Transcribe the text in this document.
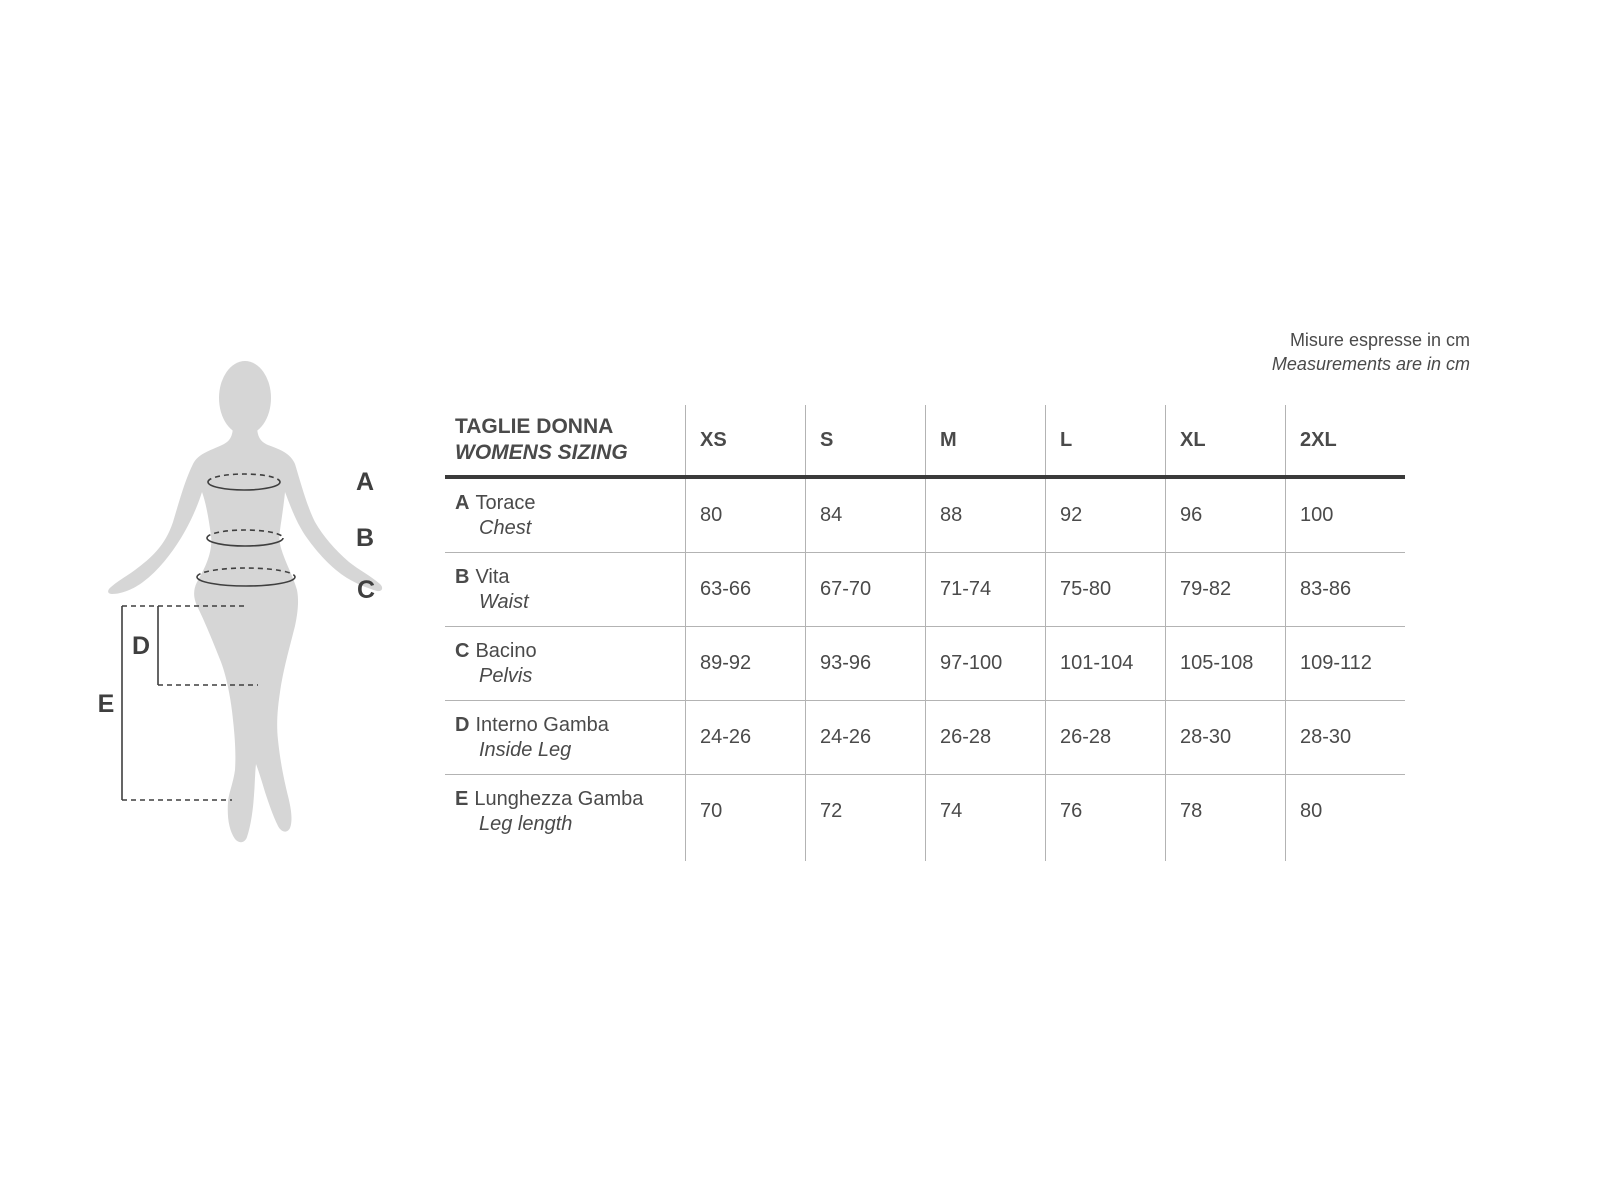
Misure espresse in cm
Measurements are in cm
A
B
C
D
E
TAGLIE DONNA
WOMENS SIZING
XS	S	M	L	XL	2XL
A Torace
Chest
80	84	88	92	96	100
B Vita
Waist
63-66	67-70	71-74	75-80	79-82	83-86
C Bacino
Pelvis
89-92	93-96	97-100	101-104	105-108	109-112
D Interno Gamba
Inside Leg
24-26	24-26	26-28	26-28	28-30	28-30
E Lunghezza Gamba
Leg length
70	72	74	76	78	80
